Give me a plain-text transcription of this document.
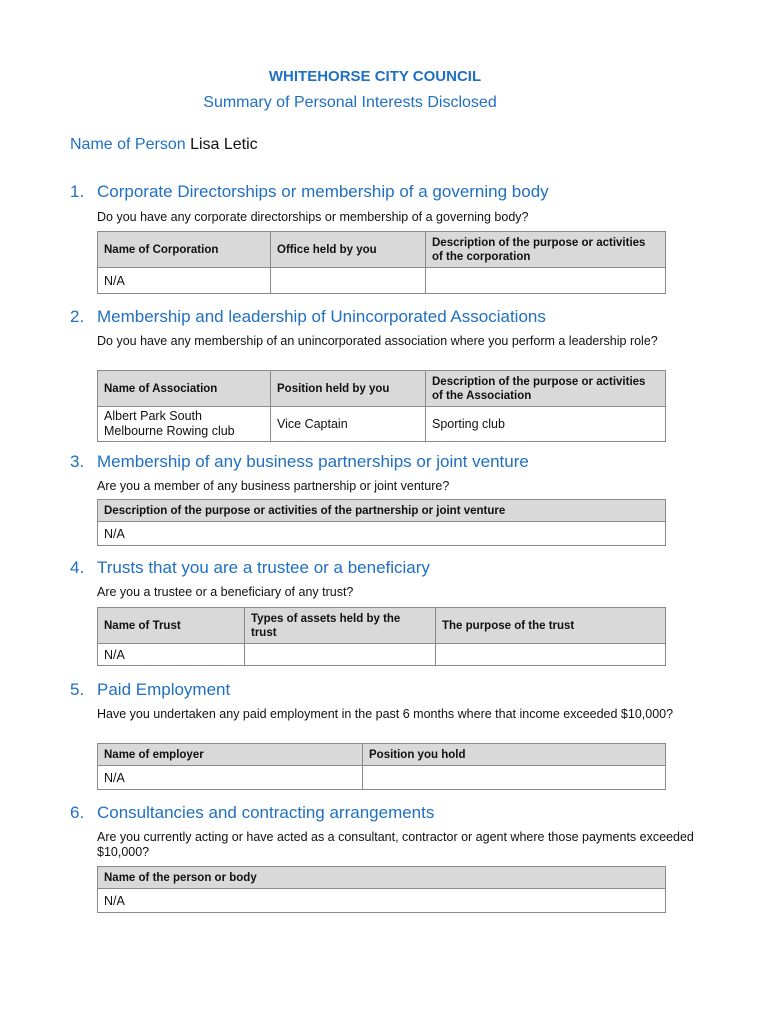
WHITEHORSE CITY COUNCIL
Summary of Personal Interests Disclosed
Name of Person Lisa Letic
1. Corporate Directorships or membership of a governing body
Do you have any corporate directorships or membership of a governing body?
Name of Corporation	Office held by you	Description of the purpose or activities of the corporation
N/A		
2. Membership and leadership of Unincorporated Associations
Do you have any membership of an unincorporated association where you perform a leadership role?
Name of Association	Position held by you	Description of the purpose or activities of the Association
Albert Park South Melbourne Rowing club	Vice Captain	Sporting club
3. Membership of any business partnerships or joint venture
Are you a member of any business partnership or joint venture?
Description of the purpose or activities of the partnership or joint venture
N/A
4. Trusts that you are a trustee or a beneficiary
Are you a trustee or a beneficiary of any trust?
Name of Trust	Types of assets held by the trust	The purpose of the trust
N/A		
5. Paid Employment
Have you undertaken any paid employment in the past 6 months where that income exceeded $10,000?
Name of employer	Position you hold
N/A	
6. Consultancies and contracting arrangements
Are you currently acting or have acted as a consultant, contractor or agent where those payments exceeded $10,000?
Name of the person or body
N/A
